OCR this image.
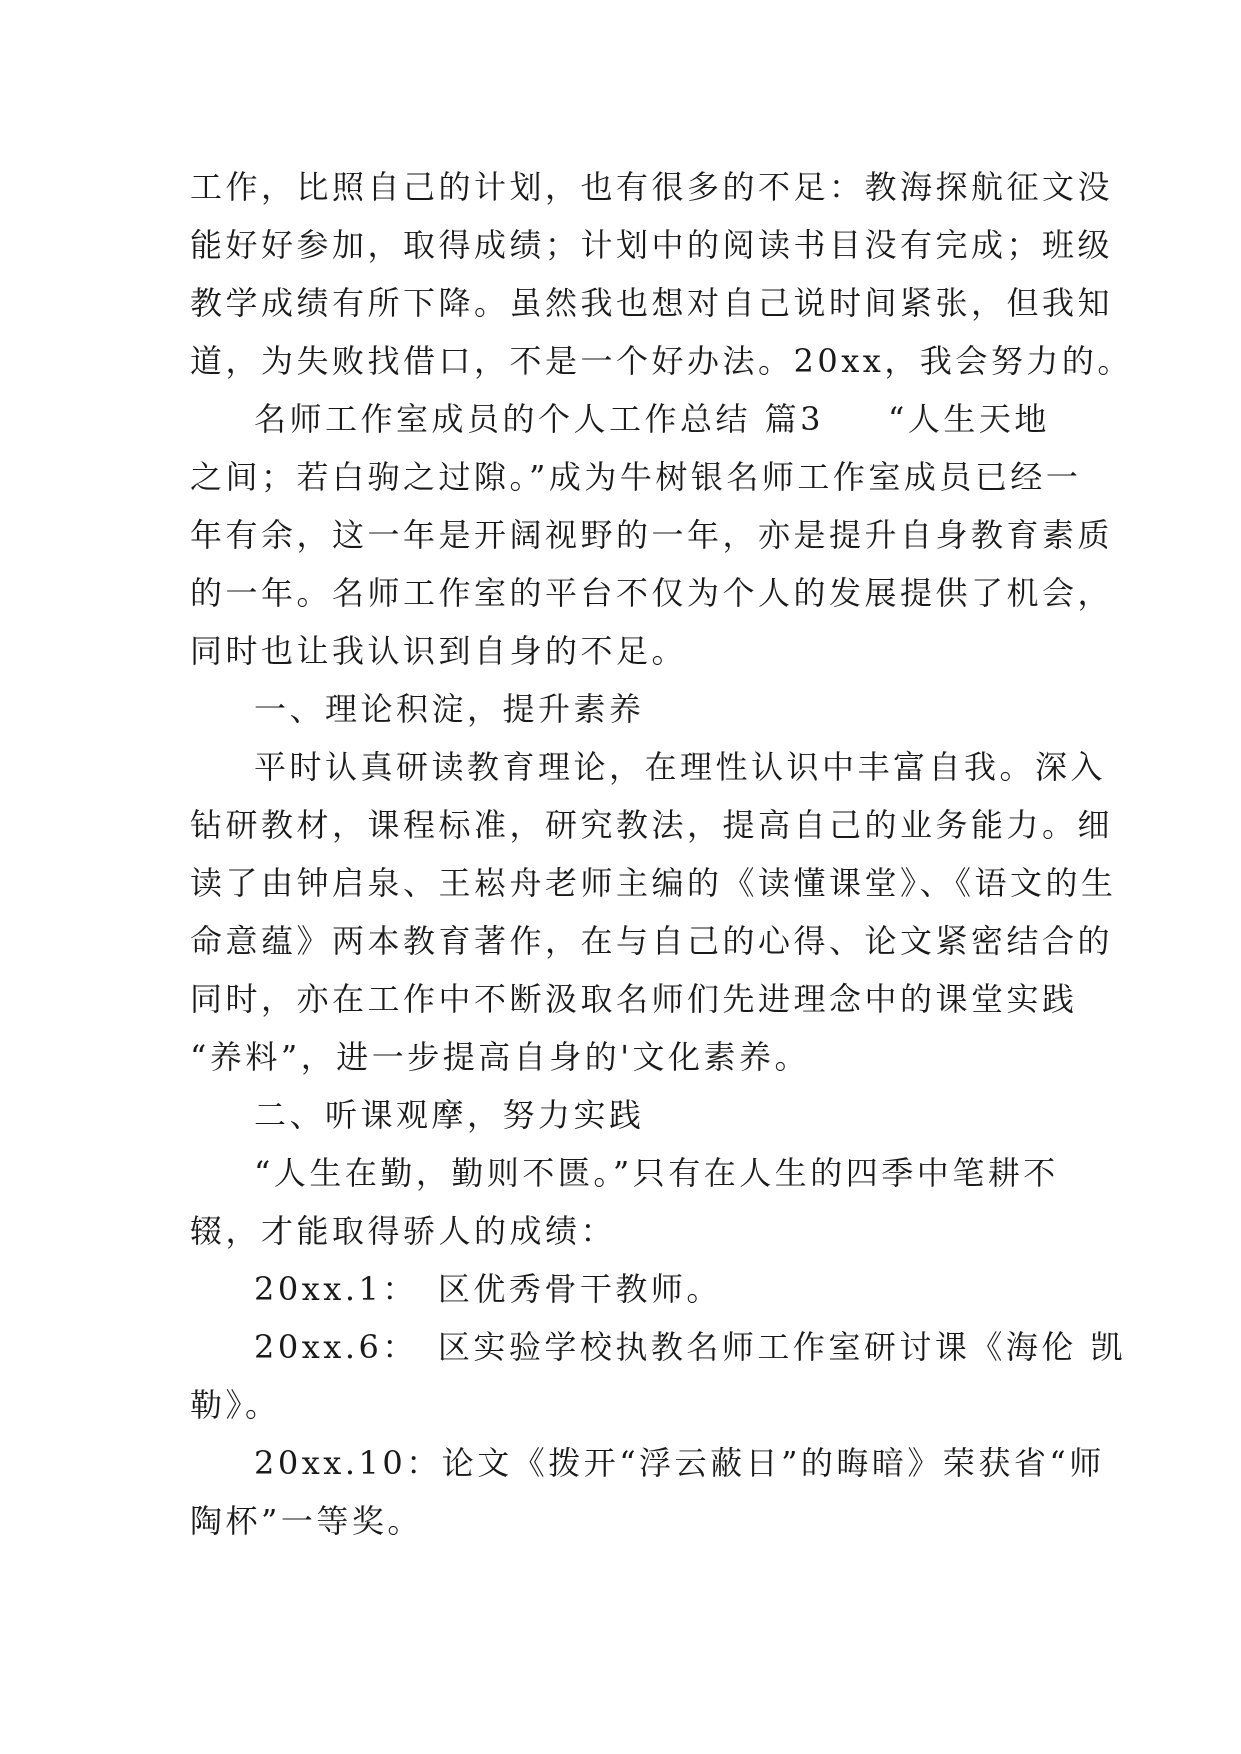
工作，比照自己的计划，也有很多的不足：教海探航征文没
能好好参加，取得成绩；计划中的阅读书目没有完成；班级
教学成绩有所下降。虽然我也想对自己说时间紧张，但我知
道，为失败找借口，不是一个好办法。20xx，我会努力的。
名师工作室成员的个人工作总结 篇3 “人生天地
之间；若白驹之过隙。”成为牛树银名师工作室成员已经一
年有余，这一年是开阔视野的一年，亦是提升自身教育素质
的一年。名师工作室的平台不仅为个人的发展提供了机会，
同时也让我认识到自身的不足。
一、理论积淀，提升素养
平时认真研读教育理论，在理性认识中丰富自我。深入
钻研教材，课程标准，研究教法，提高自己的业务能力。细
读了由钟启泉、王崧舟老师主编的《读懂课堂》、《语文的生
命意蕴》两本教育著作，在与自己的心得、论文紧密结合的
同时，亦在工作中不断汲取名师们先进理念中的课堂实践
“养料”，进一步提高自身的'文化素养。
二、听课观摩，努力实践
“人生在勤，勤则不匮。”只有在人生的四季中笔耕不
辍，才能取得骄人的成绩：
20xx.1： 区优秀骨干教师。
20xx.6： 区实验学校执教名师工作室研讨课《海伦 凯
勒》。
20xx.10：论文《拨开“浮云蔽日”的晦暗》荣获省“师
陶杯”一等奖。
